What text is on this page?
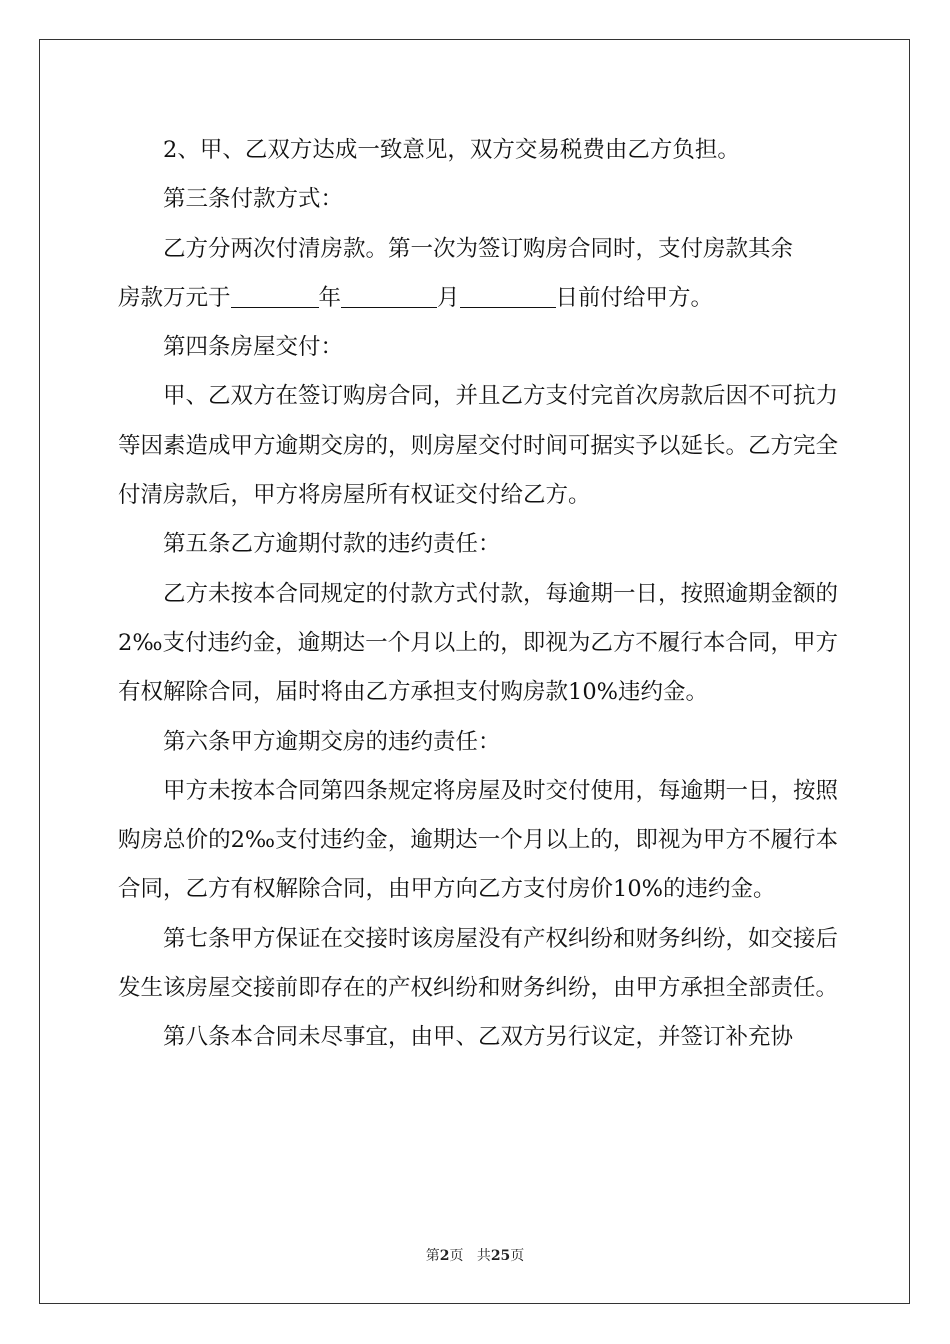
2、甲、乙双方达成一致意见，双方交易税费由乙方负担。

第三条付款方式：

乙方分两次付清房款。第一次为签订购房合同时，支付房款其余

房款万元于	年	月	日前付给甲方。

第四条房屋交付：

甲、乙双方在签订购房合同，并且乙方支付完首次房款后因不可抗力等因素造成甲方逾期交房的，则房屋交付时间可据实予以延长。乙方完全付清房款后，甲方将房屋所有权证交付给乙方。

第五条乙方逾期付款的违约责任：

乙方未按本合同规定的付款方式付款，每逾期一日，按照逾期金额的2‰支付违约金，逾期达一个月以上的，即视为乙方不履行本合同，甲方有权解除合同，届时将由乙方承担支付购房款10%违约金。

第六条甲方逾期交房的违约责任：

甲方未按本合同第四条规定将房屋及时交付使用，每逾期一日，按照购房总价的2‰支付违约金，逾期达一个月以上的，即视为甲方不履行本合同，乙方有权解除合同，由甲方向乙方支付房价10%的违约金。

第七条甲方保证在交接时该房屋没有产权纠纷和财务纠纷，如交接后发生该房屋交接前即存在的产权纠纷和财务纠纷，由甲方承担全部责任。

第八条本合同未尽事宜，由甲、乙双方另行议定，并签订补充协

第2页 共25页
